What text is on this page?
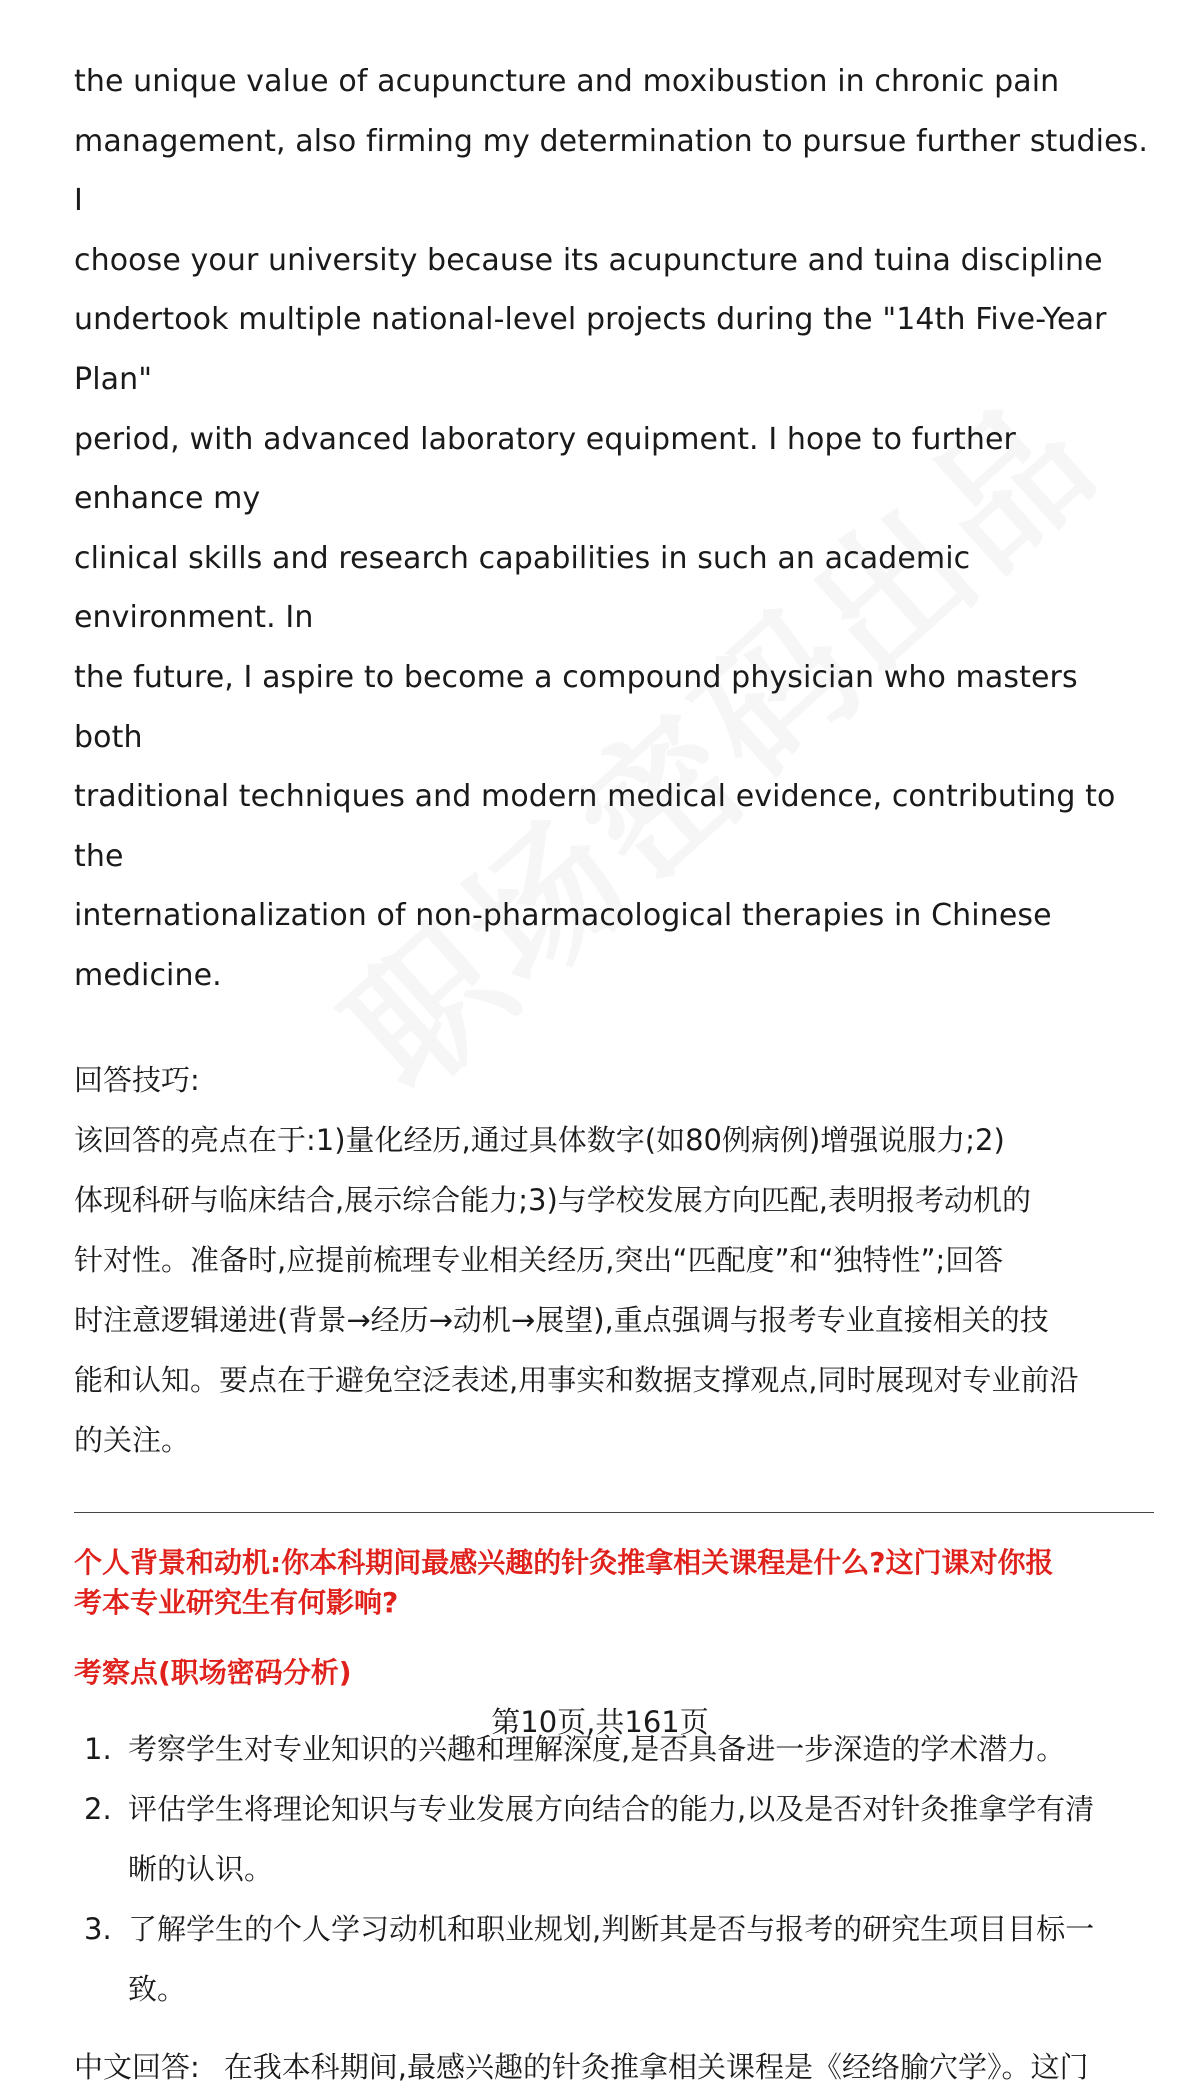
the unique value of acupuncture and moxibustion in chronic pain
management, also firming my determination to pursue further studies. I
choose your university because its acupuncture and tuina discipline
undertook multiple national-level projects during the "14th Five-Year Plan"
period, with advanced laboratory equipment. I hope to further enhance my
clinical skills and research capabilities in such an academic environment. In
the future, I aspire to become a compound physician who masters both
traditional techniques and modern medical evidence, contributing to the
internationalization of non-pharmacological therapies in Chinese medicine.
回答技巧:
该回答的亮点在于:1)量化经历,通过具体数字(如80例病例)增强说服力;2)
体现科研与临床结合,展示综合能力;3)与学校发展方向匹配,表明报考动机的
针对性。准备时,应提前梳理专业相关经历,突出“匹配度”和“独特性”;回答
时注意逻辑递进(背景→经历→动机→展望),重点强调与报考专业直接相关的技
能和认知。要点在于避免空泛表述,用事实和数据支撑观点,同时展现对专业前沿
的关注。
个人背景和动机:你本科期间最感兴趣的针灸推拿相关课程是什么?这门课对你报
考本专业研究生有何影响?
考察点(职场密码分析)
1. 考察学生对专业知识的兴趣和理解深度,是否具备进一步深造的学术潜力。
2. 评估学生将理论知识与专业发展方向结合的能力,以及是否对针灸推拿学有清
晰的认识。
3. 了解学生的个人学习动机和职业规划,判断其是否与报考的研究生项目目标一
致。
中文回答: 在我本科期间,最感兴趣的针灸推拿相关课程是《经络腧穴学》。这门
第10页,共161页
